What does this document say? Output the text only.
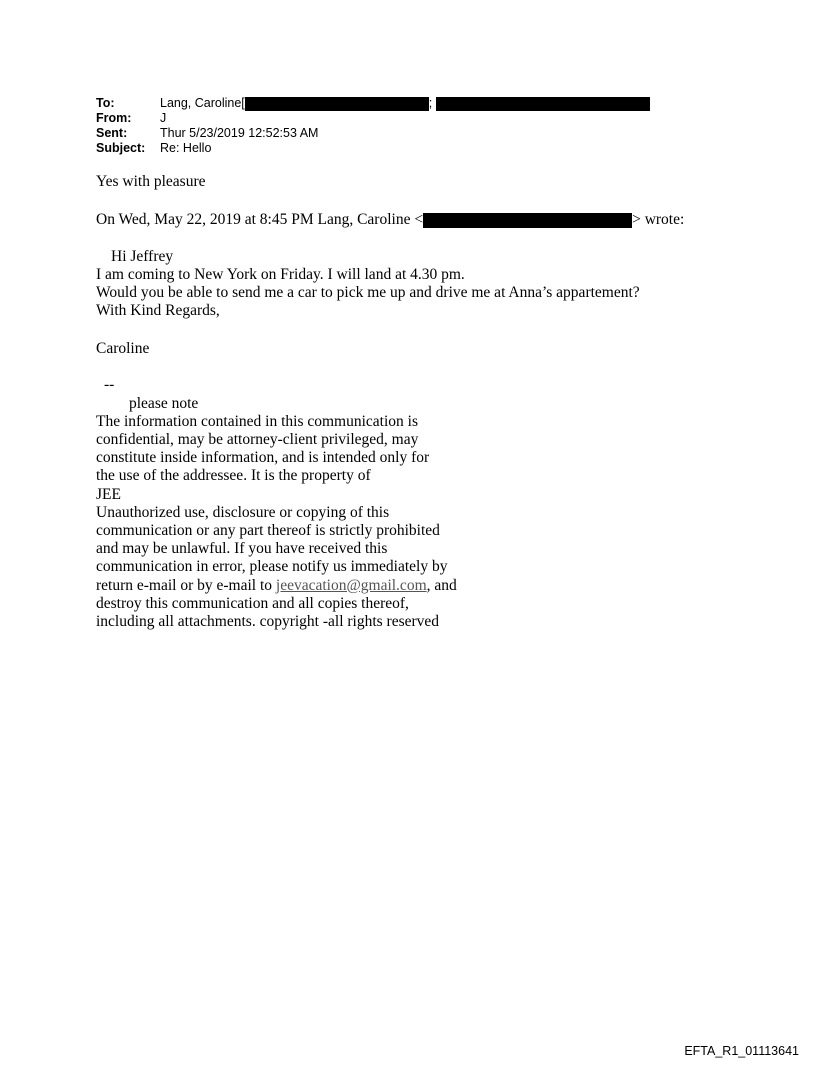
To:	Lang, Caroline[	;
From:	J
Sent:	Thur 5/23/2019 12:52:53 AM
Subject:	Re: Hello
Yes with pleasure
On Wed, May 22, 2019 at 8:45 PM Lang, Caroline <	> wrote:
Hi Jeffrey
I am coming to New York on Friday. I will land at 4.30 pm.
Would you be able to send me a car to pick me up and drive me at Anna’s appartement?
With Kind Regards,
Caroline
--
please note
The information contained in this communication is
confidential, may be attorney-client privileged, may
constitute inside information, and is intended only for
the use of the addressee. It is the property of
JEE
Unauthorized use, disclosure or copying of this
communication or any part thereof is strictly prohibited
and may be unlawful. If you have received this
communication in error, please notify us immediately by
return e-mail or by e-mail to jeevacation@gmail.com, and
destroy this communication and all copies thereof,
including all attachments. copyright -all rights reserved
EFTA_R1_01113641
